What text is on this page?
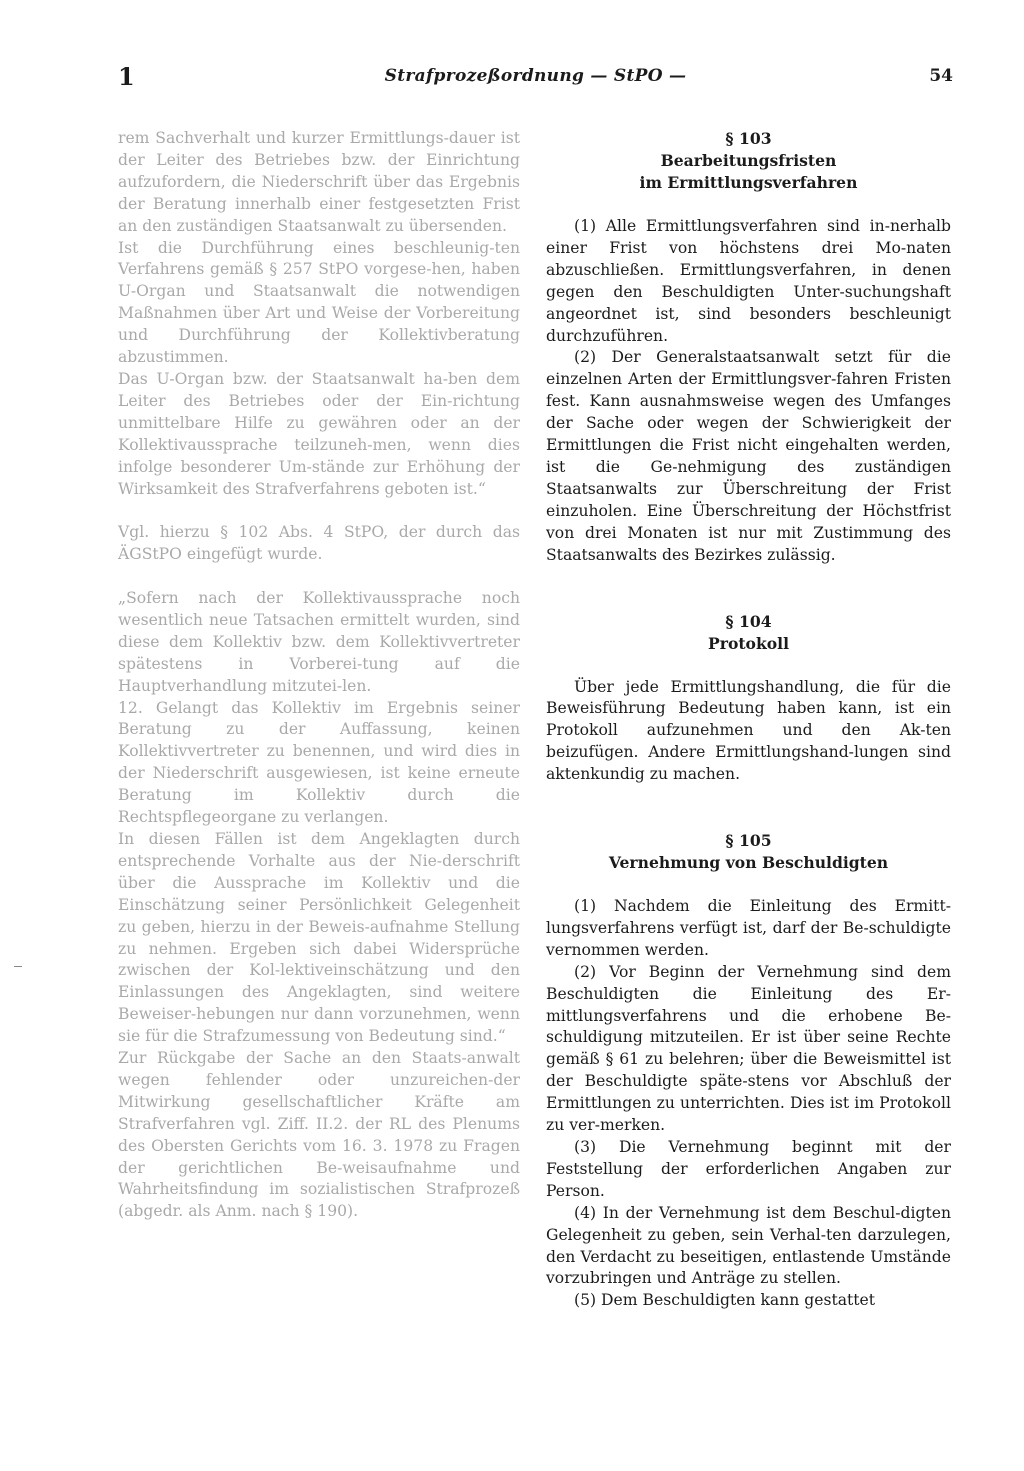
1	Strafprozeßordnung — StPO —	54

rem Sachverhalt und kurzer Ermittlungs-dauer ist der Leiter des Betriebes bzw. der Einrichtung aufzufordern, die Niederschrift über das Ergebnis der Beratung innerhalb einer festgesetzten Frist an den zuständigen Staatsanwalt zu übersenden.

Ist die Durchführung eines beschleunig-ten Verfahrens gemäß § 257 StPO vorgese-hen, haben U-Organ und Staatsanwalt die notwendigen Maßnahmen über Art und Weise der Vorbereitung und Durchführung der Kollektivberatung abzustimmen.

Das U-Organ bzw. der Staatsanwalt ha-ben dem Leiter des Betriebes oder der Ein-richtung unmittelbare Hilfe zu gewähren oder an der Kollektivaussprache teilzuneh-men, wenn dies infolge besonderer Um-stände zur Erhöhung der Wirksamkeit des Strafverfahrens geboten ist.“

Vgl. hierzu § 102 Abs. 4 StPO, der durch das ÄGStPO eingefügt wurde.

„Sofern nach der Kollektivaussprache noch wesentlich neue Tatsachen ermittelt wurden, sind diese dem Kollektiv bzw. dem Kollektivvertreter spätestens in Vorberei-tung auf die Hauptverhandlung mitzutei-len.

12. Gelangt das Kollektiv im Ergebnis seiner Beratung zu der Auffassung, keinen Kollektivvertreter zu benennen, und wird dies in der Niederschrift ausgewiesen, ist keine erneute Beratung im Kollektiv durch die Rechtspflegeorgane zu verlangen.

In diesen Fällen ist dem Angeklagten durch entsprechende Vorhalte aus der Nie-derschrift über die Aussprache im Kollektiv und die Einschätzung seiner Persönlichkeit Gelegenheit zu geben, hierzu in der Beweis-aufnahme Stellung zu nehmen. Ergeben sich dabei Widersprüche zwischen der Kol-lektiveinschätzung und den Einlassungen des Angeklagten, sind weitere Beweiser-hebungen nur dann vorzunehmen, wenn sie für die Strafzumessung von Bedeutung sind.“

Zur Rückgabe der Sache an den Staats-anwalt wegen fehlender oder unzureichen-der Mitwirkung gesellschaftlicher Kräfte am Strafverfahren vgl. Ziff. II.2. der RL des Plenums des Obersten Gerichts vom 16. 3. 1978 zu Fragen der gerichtlichen Be-weisaufnahme und Wahrheitsfindung im sozialistischen Strafprozeß (abgedr. als Anm. nach § 190).

§ 103
Bearbeitungsfristen
im Ermittlungsverfahren

(1) Alle Ermittlungsverfahren sind in-nerhalb einer Frist von höchstens drei Mo-naten abzuschließen. Ermittlungsverfahren, in denen gegen den Beschuldigten Unter-suchungshaft angeordnet ist, sind besonders beschleunigt durchzuführen.

(2) Der Generalstaatsanwalt setzt für die einzelnen Arten der Ermittlungsver-fahren Fristen fest. Kann ausnahmsweise wegen des Umfanges der Sache oder wegen der Schwierigkeit der Ermittlungen die Frist nicht eingehalten werden, ist die Ge-nehmigung des zuständigen Staatsanwalts zur Überschreitung der Frist einzuholen. Eine Überschreitung der Höchstfrist von drei Monaten ist nur mit Zustimmung des Staatsanwalts des Bezirkes zulässig.

§ 104
Protokoll

Über jede Ermittlungshandlung, die für die Beweisführung Bedeutung haben kann, ist ein Protokoll aufzunehmen und den Ak-ten beizufügen. Andere Ermittlungshand-lungen sind aktenkundig zu machen.

§ 105
Vernehmung von Beschuldigten

(1) Nachdem die Einleitung des Ermitt-lungsverfahrens verfügt ist, darf der Be-schuldigte vernommen werden.

(2) Vor Beginn der Vernehmung sind dem Beschuldigten die Einleitung des Er-mittlungsverfahrens und die erhobene Be-schuldigung mitzuteilen. Er ist über seine Rechte gemäß § 61 zu belehren; über die Beweismittel ist der Beschuldigte späte-stens vor Abschluß der Ermittlungen zu unterrichten. Dies ist im Protokoll zu ver-merken.

(3) Die Vernehmung beginnt mit der Feststellung der erforderlichen Angaben zur Person.

(4) In der Vernehmung ist dem Beschul-digten Gelegenheit zu geben, sein Verhal-ten darzulegen, den Verdacht zu beseitigen, entlastende Umstände vorzubringen und Anträge zu stellen.

(5) Dem Beschuldigten kann gestattet
